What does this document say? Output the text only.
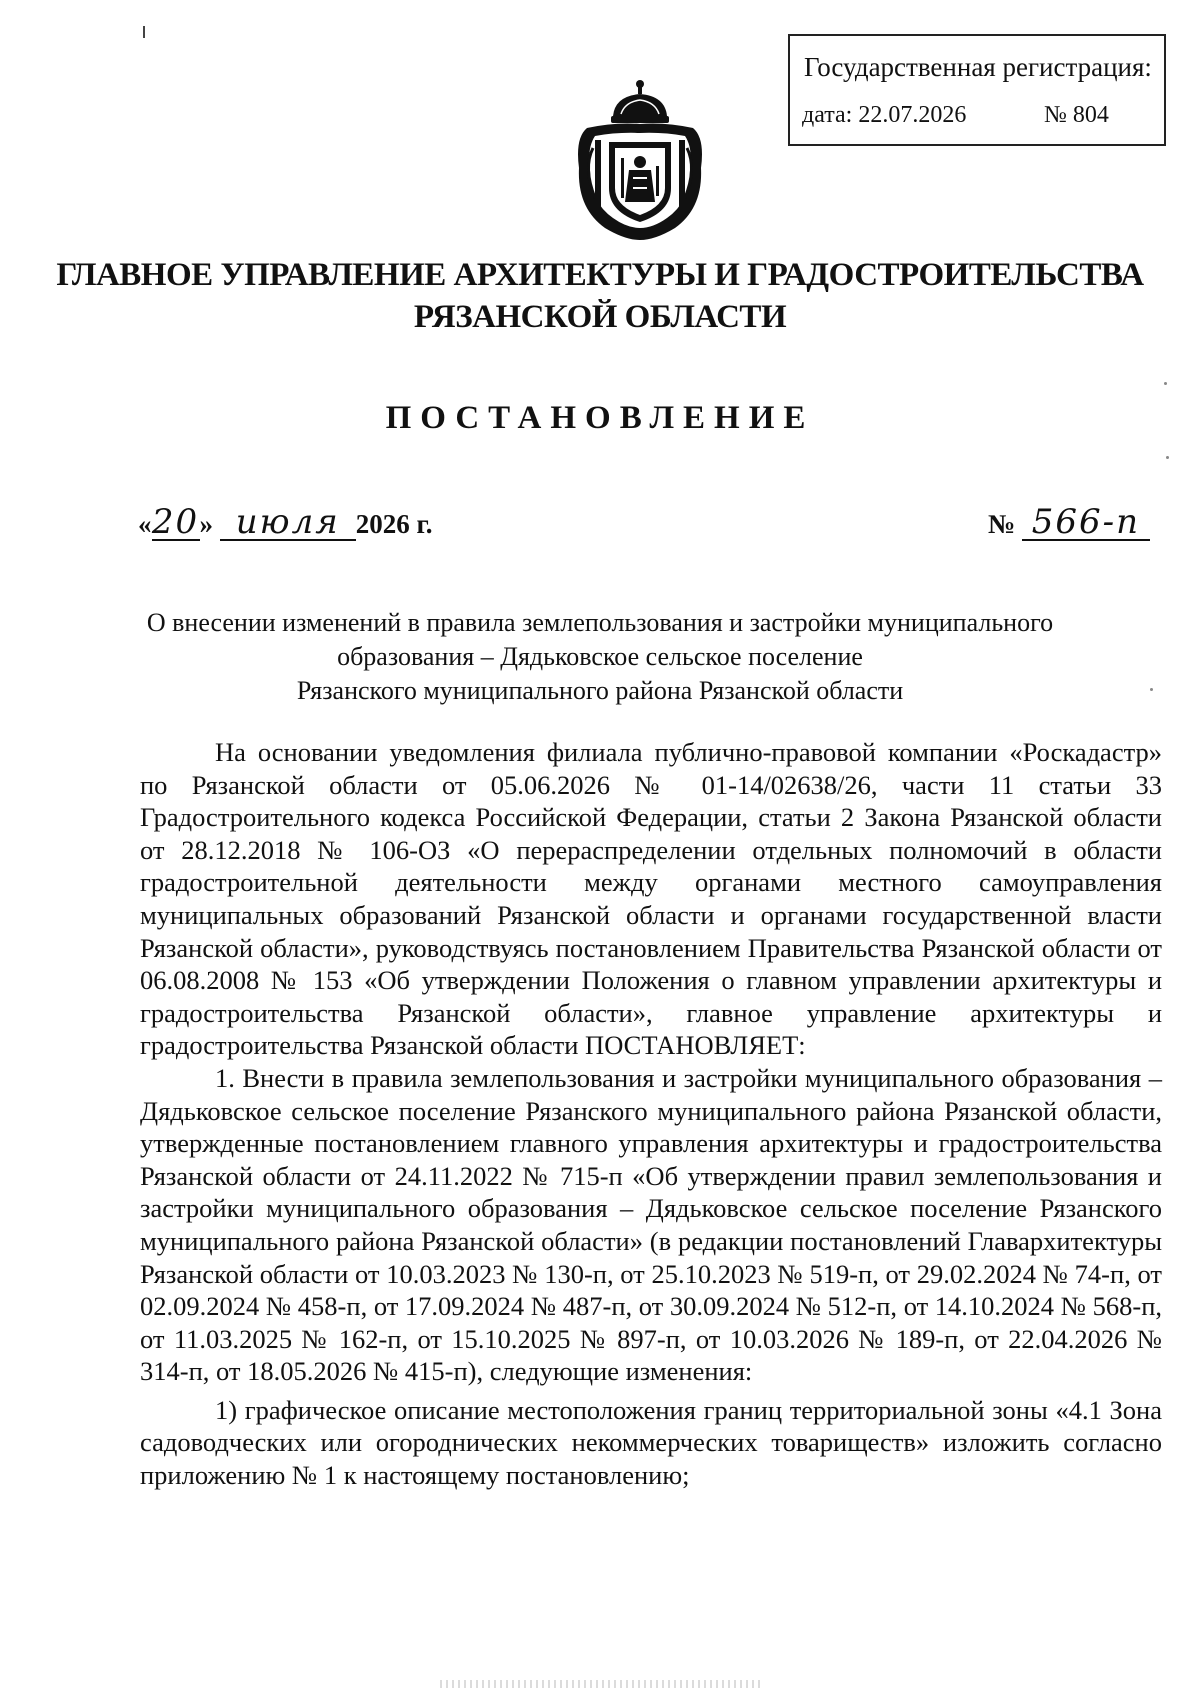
Государственная регистрация:
дата: 22.07.2026	№ 804
ГЛАВНОЕ УПРАВЛЕНИЕ АРХИТЕКТУРЫ И ГРАДОСТРОИТЕЛЬСТВА
РЯЗАНСКОЙ ОБЛАСТИ
ПОСТАНОВЛЕНИЕ
«20» июля 2026 г.	№ 566-п
О внесении изменений в правила землепользования и застройки муниципального
образования – Дядьковское сельское поселение
Рязанского муниципального района Рязанской области

На основании уведомления филиала публично-правовой компании «Роскадастр» по Рязанской области от 05.06.2026 № 01-14/02638/26, части 11 статьи 33 Градостроительного кодекса Российской Федерации, статьи 2 Закона Рязанской области от 28.12.2018 № 106-ОЗ «О перераспределении отдельных полномочий в области градостроительной деятельности между органами местного самоуправления муниципальных образований Рязанской области и органами государственной власти Рязанской области», руководствуясь постановлением Правительства Рязанской области от 06.08.2008 № 153 «Об утверждении Положения о главном управлении архитектуры и градостроительства Рязанской области», главное управление архитектуры и градостроительства Рязанской области ПОСТАНОВЛЯЕТ:

1. Внести в правила землепользования и застройки муниципального образования – Дядьковское сельское поселение Рязанского муниципального района Рязанской области, утвержденные постановлением главного управления архитектуры и градостроительства Рязанской области от 24.11.2022 № 715-п «Об утверждении правил землепользования и застройки муниципального образования – Дядьковское сельское поселение Рязанского муниципального района Рязанской области» (в редакции постановлений Главархитектуры Рязанской области от 10.03.2023 № 130-п, от 25.10.2023 № 519-п, от 29.02.2024 № 74-п, от 02.09.2024 № 458-п, от 17.09.2024 № 487-п, от 30.09.2024 № 512-п, от 14.10.2024 № 568-п, от 11.03.2025 № 162-п, от 15.10.2025 № 897-п, от 10.03.2026 № 189-п, от 22.04.2026 № 314-п, от 18.05.2026 № 415-п), следующие изменения:

1) графическое описание местоположения границ территориальной зоны «4.1 Зона садоводческих или огороднических некоммерческих товариществ» изложить согласно приложению № 1 к настоящему постановлению;
